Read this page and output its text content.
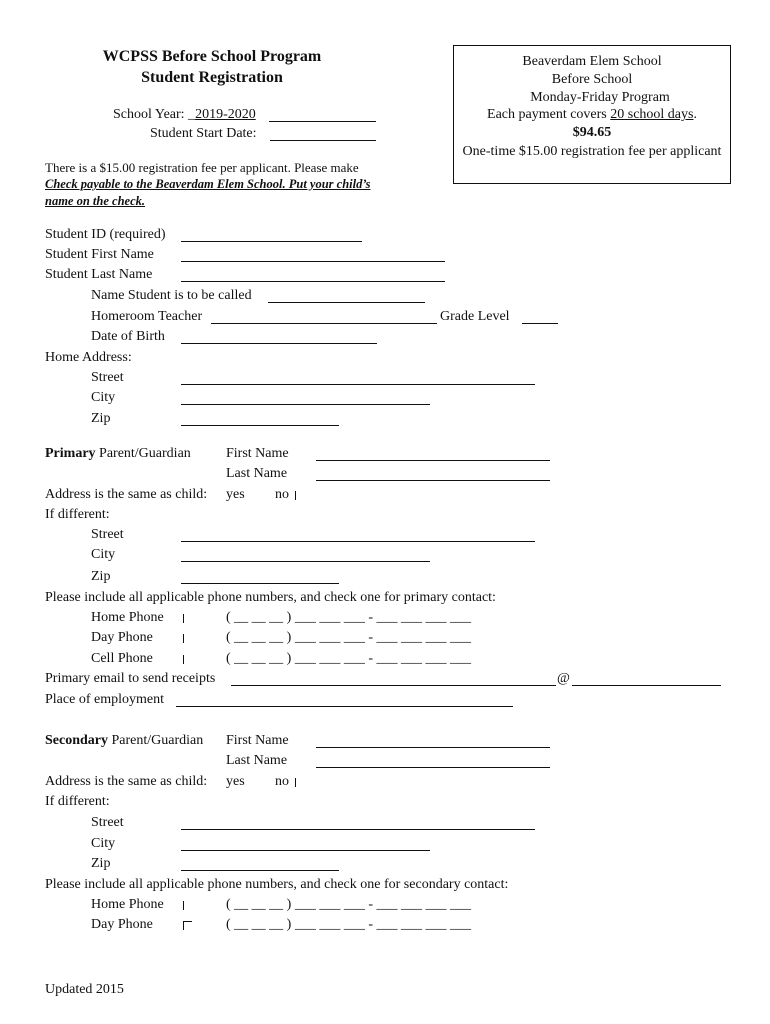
WCPSS Before School Program
Student Registration
School Year: _2019-2020
Student Start Date:
Beaverdam Elem School
Before School
Monday-Friday Program
Each payment covers 20 school days.
$94.65
One-time $15.00 registration fee per applicant
There is a $15.00 registration fee per applicant. Please make
Check payable to the Beaverdam Elem School. Put your child’s
name on the check.
Student ID (required)
Student First Name
Student Last Name
Name Student is to be called
Homeroom Teacher	Grade Level
Date of Birth
Home Address:
Street
City
Zip
Primary Parent/Guardian	First Name
Last Name
Address is the same as child: yes no
If different:
Street
City
Zip
Please include all applicable phone numbers, and check one for primary contact:
Home Phone	( __ __ __ ) ___ ___ ___ - ___ ___ ___ ___
Day Phone	( __ __ __ ) ___ ___ ___ - ___ ___ ___ ___
Cell Phone	( __ __ __ ) ___ ___ ___ - ___ ___ ___ ___
Primary email to send receipts	@
Place of employment
Secondary Parent/Guardian First Name
Last Name
Address is the same as child: yes no
If different:
Street
City
Zip
Please include all applicable phone numbers, and check one for secondary contact:
Home Phone	( __ __ __ ) ___ ___ ___ - ___ ___ ___ ___
Day Phone	( __ __ __ ) ___ ___ ___ - ___ ___ ___ ___
Updated 2015
